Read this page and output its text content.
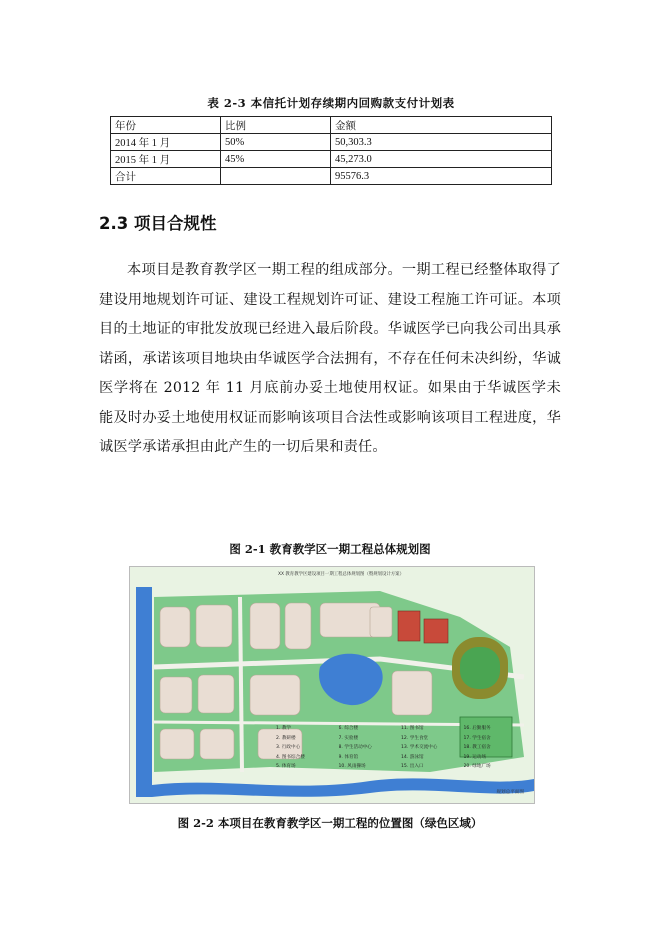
表 2-3 本信托计划存续期内回购款支付计划表
年份	比例	金额
2014 年 1 月	50%	50,303.3
2015 年 1 月	45%	45,273.0
合计		95576.3
2.3 项目合规性

本项目是教育教学区一期工程的组成部分。一期工程已经整体取得了建设用地规划许可证、建设工程规划许可证、建设工程施工许可证。本项目的土地证的审批发放现已经进入最后阶段。华诚医学已向我公司出具承诺函，承诺该项目地块由华诚医学合法拥有，不存在任何未决纠纷，华诚医学将在 2012 年 11 月底前办妥土地使用权证。如果由于华诚医学未能及时办妥土地使用权证而影响该项目合法性或影响该项目工程进度，华诚医学承诺承担由此产生的一切后果和责任。

图 2-1 教育教学区一期工程总体规划图
XX 教育教学区建设项目一期工程总体规划图（暨规划设计方案）
1. 教学	6. 综合楼	11. 图书馆	16. 后勤服务
2. 教研楼	7. 实验楼	12. 学生食堂	17. 学生宿舍
3. 行政中心	8. 学生活动中心	13. 学术交流中心	18. 教工宿舍
4. 图书综合楼	9. 体育馆	14. 游泳馆	19. 运动场
5. 体育场	10. 风雨操场	15. 出入口	20. 绿地广场
规划总平面图
图 2-2 本项目在教育教学区一期工程的位置图（绿色区域）
